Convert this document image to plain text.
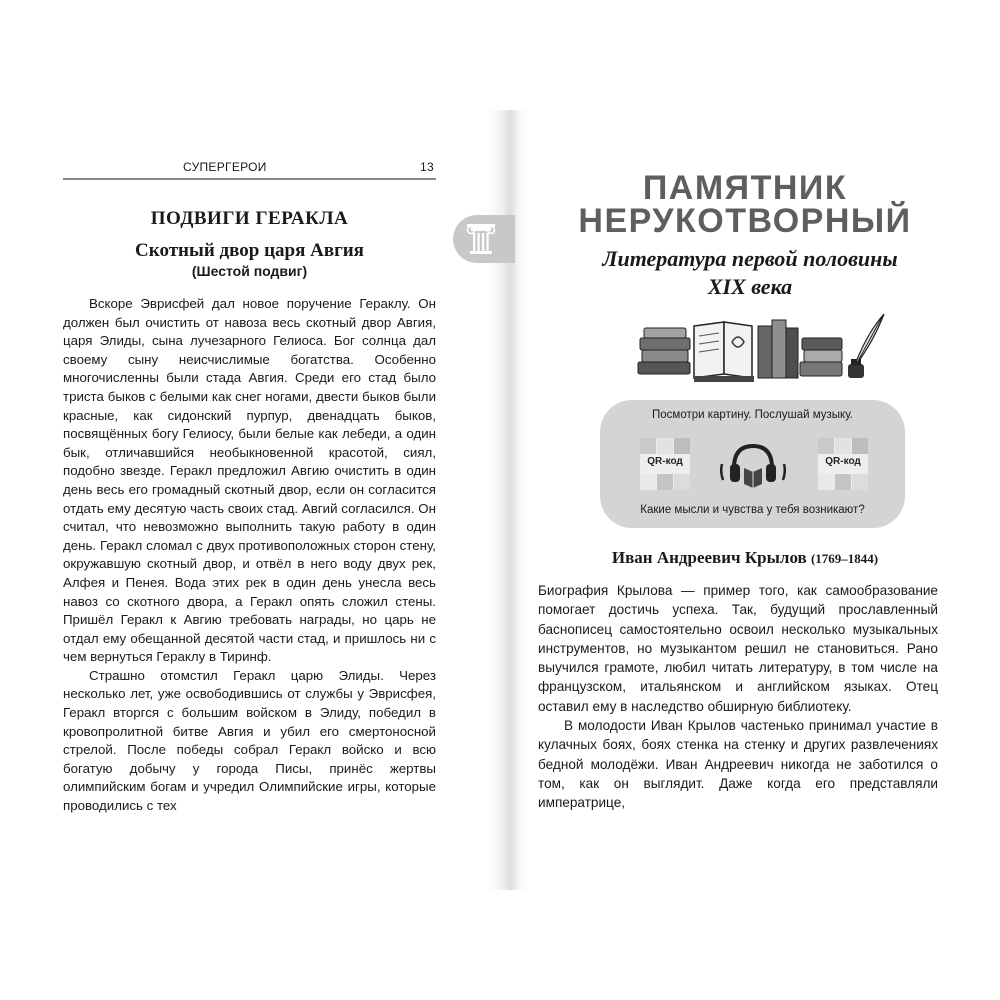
СУПЕРГЕРОИ	13
ПОДВИГИ ГЕРАКЛА
Скотный двор царя Авгия
(Шестой подвиг)

Вскоре Эврисфей дал новое поручение Гераклу. Он должен был очистить от навоза весь скотный двор Авгия, царя Элиды, сына лучезарного Гелиоса. Бог солнца дал своему сыну неисчислимые богатства. Особенно многочисленны были стада Авгия. Среди его стад было триста быков с белыми как снег ногами, двести быков были красные, как сидонский пурпур, двенадцать быков, посвящённых богу Гелиосу, были белые как лебеди, а один бык, отличавшийся необыкновенной красотой, сиял, подобно звезде. Геракл предложил Авгию очистить в один день весь его громадный скотный двор, если он согласится отдать ему десятую часть своих стад. Авгий согласился. Он считал, что невозможно выполнить такую работу в один день. Геракл сломал с двух противоположных сторон стену, окружавшую скотный двор, и отвёл в него воду двух рек, Алфея и Пенея. Вода этих рек в один день унесла весь навоз со скотного двора, а Геракл опять сложил стены. Пришёл Геракл к Авгию требовать награды, но царь не отдал ему обещанной десятой части стад, и пришлось ни с чем вернуться Гераклу в Тиринф.

Страшно отомстил Геракл царю Элиды. Через несколько лет, уже освободившись от службы у Эврисфея, Геракл вторгся с большим войском в Элиду, победил в кровопролитной битве Авгия и убил его смертоносной стрелой. После победы собрал Геракл войско и всю богатую добычу у города Писы, принёс жертвы олимпийским богам и учредил Олимпийские игры, которые проводились с тех

ПАМЯТНИК
НЕРУКОТВОРНЫЙ
Литература первой половины
XIX века
Посмотри картину. Послушай музыку.
QR-код	QR-код
Какие мысли и чувства у тебя возникают?
Иван Андреевич Крылов (1769–1844)

Биография Крылова — пример того, как самообразование помогает достичь успеха. Так, будущий прославленный баснописец самостоятельно освоил несколько музыкальных инструментов, но музыкантом решил не становиться. Рано выучился грамоте, любил читать литературу, в том числе на французском, итальянском и английском языках. Отец оставил ему в наследство обширную библиотеку.

В молодости Иван Крылов частенько принимал участие в кулачных боях, боях стенка на стенку и других развлечениях бедной молодёжи. Иван Андреевич никогда не заботился о том, как он выглядит. Даже когда его представляли императрице,
